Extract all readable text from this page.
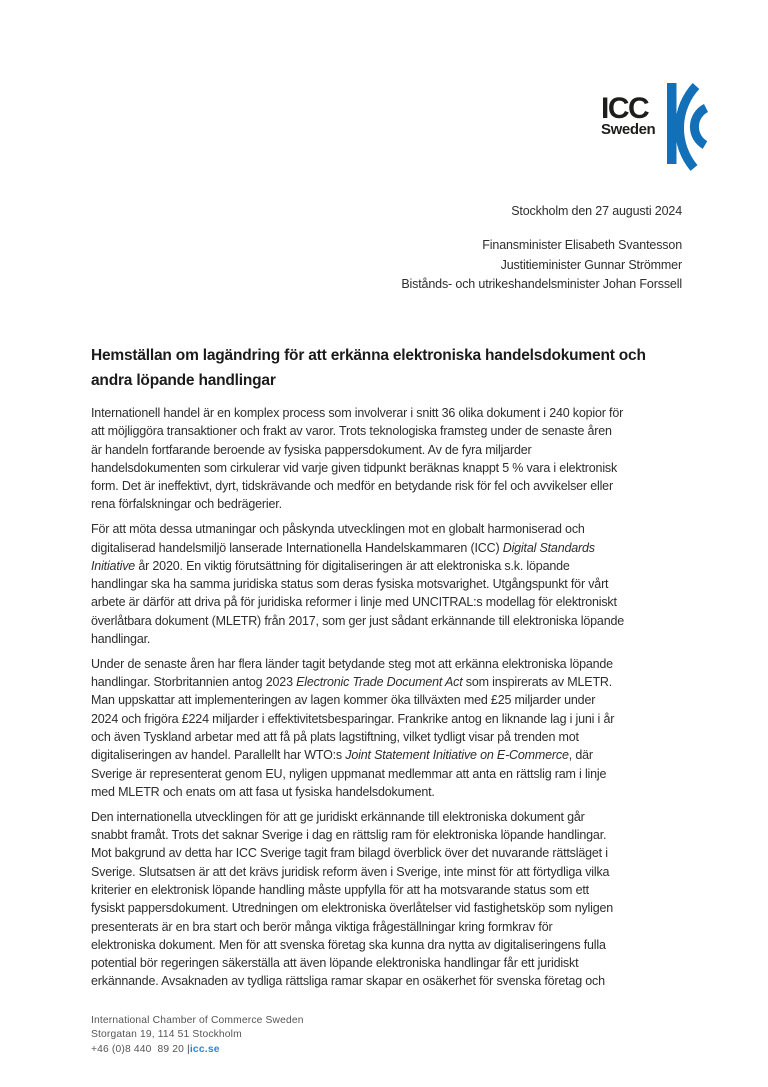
ICC
Sweden
Stockholm den 27 augusti 2024
Finansminister Elisabeth Svantesson
Justitieminister Gunnar Strömmer
Bistånds- och utrikeshandelsminister Johan Forssell
Hemställan om lagändring för att erkänna elektroniska handelsdokument och
andra löpande handlingar

Internationell handel är en komplex process som involverar i snitt 36 olika dokument i 240 kopior för
att möjliggöra transaktioner och frakt av varor. Trots teknologiska framsteg under de senaste åren
är handeln fortfarande beroende av fysiska pappersdokument. Av de fyra miljarder
handelsdokumenten som cirkulerar vid varje given tidpunkt beräknas knappt 5 % vara i elektronisk
form. Det är ineffektivt, dyrt, tidskrävande och medför en betydande risk för fel och avvikelser eller
rena förfalskningar och bedrägerier.

För att möta dessa utmaningar och påskynda utvecklingen mot en globalt harmoniserad och
digitaliserad handelsmiljö lanserade Internationella Handelskammaren (ICC) Digital Standards
Initiative år 2020. En viktig förutsättning för digitaliseringen är att elektroniska s.k. löpande
handlingar ska ha samma juridiska status som deras fysiska motsvarighet. Utgångspunkt för vårt
arbete är därför att driva på för juridiska reformer i linje med UNCITRAL:s modellag för elektroniskt
överlåtbara dokument (MLETR) från 2017, som ger just sådant erkännande till elektroniska löpande
handlingar.

Under de senaste åren har flera länder tagit betydande steg mot att erkänna elektroniska löpande
handlingar. Storbritannien antog 2023 Electronic Trade Document Act som inspirerats av MLETR.
Man uppskattar att implementeringen av lagen kommer öka tillväxten med £25 miljarder under
2024 och frigöra £224 miljarder i effektivitetsbesparingar. Frankrike antog en liknande lag i juni i år
och även Tyskland arbetar med att få på plats lagstiftning, vilket tydligt visar på trenden mot
digitaliseringen av handel. Parallellt har WTO:s Joint Statement Initiative on E-Commerce, där
Sverige är representerat genom EU, nyligen uppmanat medlemmar att anta en rättslig ram i linje
med MLETR och enats om att fasa ut fysiska handelsdokument.

Den internationella utvecklingen för att ge juridiskt erkännande till elektroniska dokument går
snabbt framåt. Trots det saknar Sverige i dag en rättslig ram för elektroniska löpande handlingar.
Mot bakgrund av detta har ICC Sverige tagit fram bilagd överblick över det nuvarande rättsläget i
Sverige. Slutsatsen är att det krävs juridisk reform även i Sverige, inte minst för att förtydliga vilka
kriterier en elektronisk löpande handling måste uppfylla för att ha motsvarande status som ett
fysiskt pappersdokument. Utredningen om elektroniska överlåtelser vid fastighetsköp som nyligen
presenterats är en bra start och berör många viktiga frågeställningar kring formkrav för
elektroniska dokument. Men för att svenska företag ska kunna dra nytta av digitaliseringens fulla
potential bör regeringen säkerställa att även löpande elektroniska handlingar får ett juridiskt
erkännande. Avsaknaden av tydliga rättsliga ramar skapar en osäkerhet för svenska företag och

International Chamber of Commerce Sweden
Storgatan 19, 114 51 Stockholm
+46 (0)8 440  89 20 |icc.se
